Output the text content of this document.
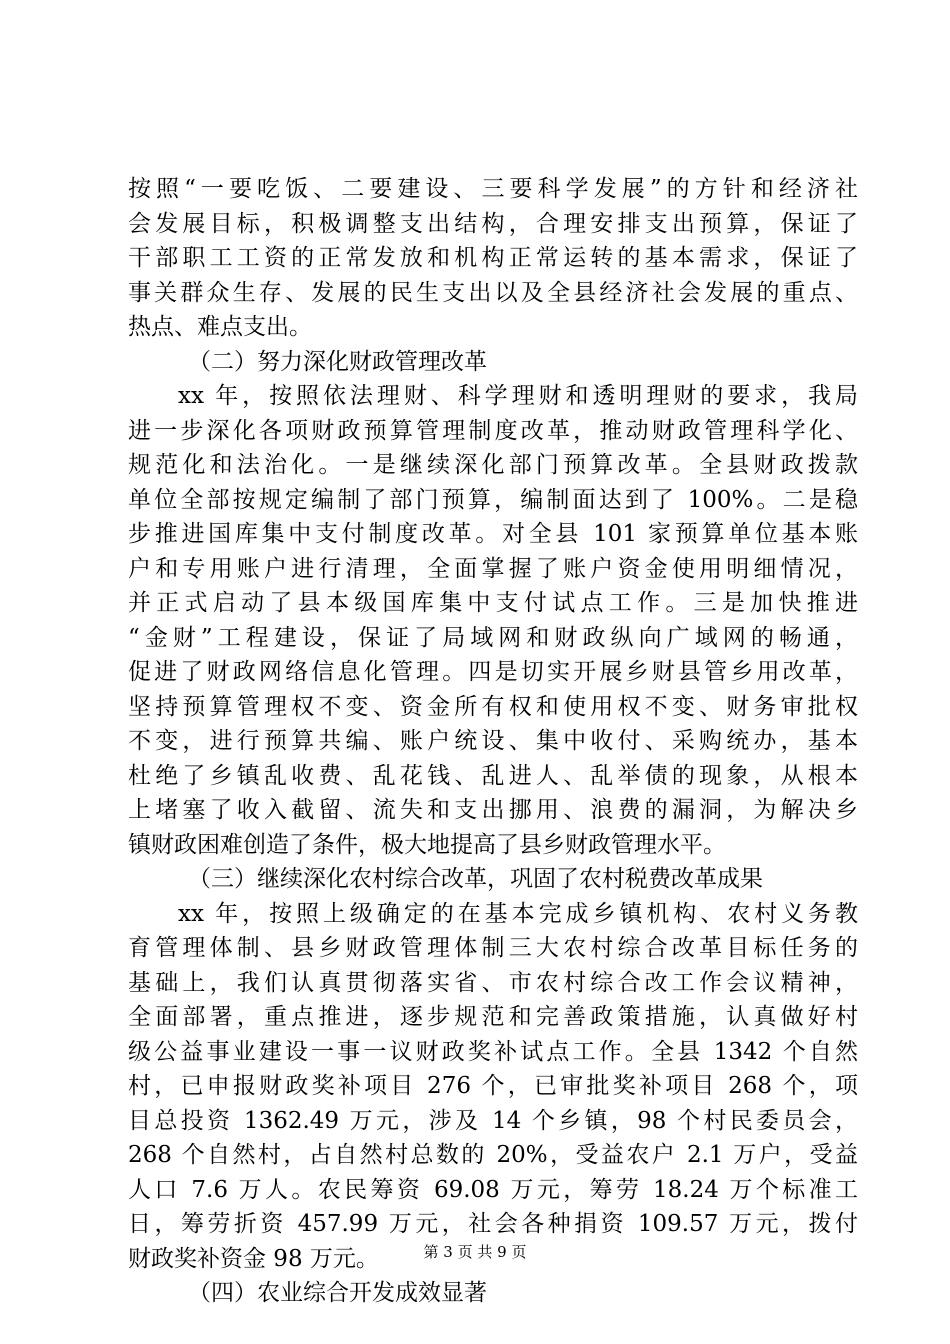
按照“一要吃饭、二要建设、三要科学发展”的方针和经济社
会发展目标，积极调整支出结构，合理安排支出预算，保证了
干部职工工资的正常发放和机构正常运转的基本需求，保证了
事关群众生存、发展的民生支出以及全县经济社会发展的重点、
热点、难点支出。
（二）努力深化财政管理改革
xx 年，按照依法理财、科学理财和透明理财的要求，我局
进一步深化各项财政预算管理制度改革，推动财政管理科学化、
规范化和法治化。一是继续深化部门预算改革。全县财政拨款
单位全部按规定编制了部门预算，编制面达到了 100%。二是稳
步推进国库集中支付制度改革。对全县 101 家预算单位基本账
户和专用账户进行清理，全面掌握了账户资金使用明细情况，
并正式启动了县本级国库集中支付试点工作。三是加快推进
“金财”工程建设，保证了局域网和财政纵向广域网的畅通，
促进了财政网络信息化管理。四是切实开展乡财县管乡用改革，
坚持预算管理权不变、资金所有权和使用权不变、财务审批权
不变，进行预算共编、账户统设、集中收付、采购统办，基本
杜绝了乡镇乱收费、乱花钱、乱进人、乱举债的现象，从根本
上堵塞了收入截留、流失和支出挪用、浪费的漏洞，为解决乡
镇财政困难创造了条件，极大地提高了县乡财政管理水平。
（三）继续深化农村综合改革，巩固了农村税费改革成果
xx 年，按照上级确定的在基本完成乡镇机构、农村义务教
育管理体制、县乡财政管理体制三大农村综合改革目标任务的
基础上，我们认真贯彻落实省、市农村综合改工作会议精神，
全面部署，重点推进，逐步规范和完善政策措施，认真做好村
级公益事业建设一事一议财政奖补试点工作。全县 1342 个自然
村，已申报财政奖补项目 276 个，已审批奖补项目 268 个，项
目总投资 1362.49 万元，涉及 14 个乡镇，98 个村民委员会，
268 个自然村，占自然村总数的 20%，受益农户 2.1 万户，受益
人口 7.6 万人。农民筹资 69.08 万元，筹劳 18.24 万个标准工
日，筹劳折资 457.99 万元，社会各种捐资 109.57 万元，拨付
财政奖补资金 98 万元。
（四）农业综合开发成效显著
第 3 页 共 9 页
